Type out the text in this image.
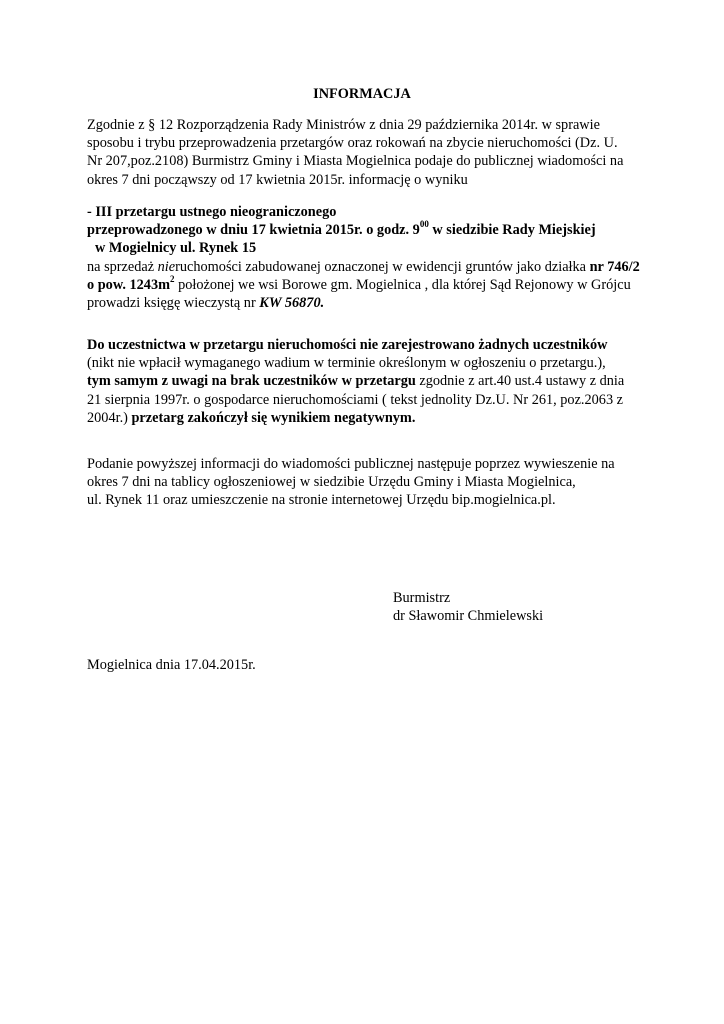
INFORMACJA
Zgodnie z § 12 Rozporządzenia Rady Ministrów z dnia 29 października 2014r. w sprawie
sposobu i trybu przeprowadzenia przetargów oraz rokowań na zbycie nieruchomości (Dz. U.
Nr 207,poz.2108) Burmistrz Gminy i Miasta Mogielnica podaje do publicznej wiadomości na
okres 7 dni począwszy od 17 kwietnia 2015r. informację o wyniku
- III przetargu ustnego nieograniczonego
przeprowadzonego w dniu 17 kwietnia 2015r. o godz. $9^{00}$ w siedzibie Rady Miejskiej
w Mogielnicy ul. Rynek 15
na sprzedaż nieruchomości zabudowanej oznaczonej w ewidencji gruntów jako działka nr 746/2
o pow. $1243m^2$ położonej we wsi Borowe gm. Mogielnica , dla której Sąd Rejonowy w Grójcu
prowadzi księgę wieczystą nr KW 56870.
Do uczestnictwa w przetargu nieruchomości nie zarejestrowano żadnych uczestników
(nikt nie wpłacił wymaganego wadium w terminie określonym w ogłoszeniu o przetargu.),
tym samym z uwagi na brak uczestników w przetargu zgodnie z art.40 ust.4 ustawy z dnia
21 sierpnia 1997r. o gospodarce nieruchomościami ( tekst jednolity Dz.U. Nr 261, poz.2063 z
2004r.) przetarg zakończył się wynikiem negatywnym.
Podanie powyższej informacji do wiadomości publicznej następuje poprzez wywieszenie na
okres 7 dni na tablicy ogłoszeniowej w siedzibie Urzędu Gminy i Miasta Mogielnica,
ul. Rynek 11 oraz umieszczenie na stronie internetowej Urzędu bip.mogielnica.pl.
Burmistrz
dr Sławomir Chmielewski
Mogielnica dnia 17.04.2015r.
